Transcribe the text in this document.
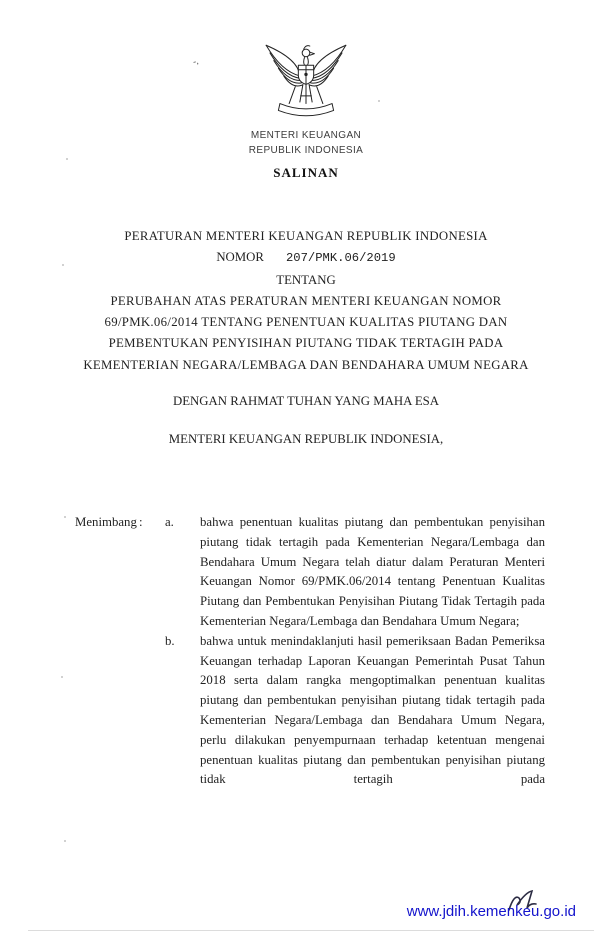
-,
MENTERI KEUANGAN
REPUBLIK INDONESIA
SALINAN
PERATURAN MENTERI KEUANGAN REPUBLIK INDONESIA
NOMOR 207/PMK.06/2019
TENTANG
PERUBAHAN ATAS PERATURAN MENTERI KEUANGAN NOMOR 69/PMK.06/2014 TENTANG PENENTUAN KUALITAS PIUTANG DAN PEMBENTUKAN PENYISIHAN PIUTANG TIDAK TERTAGIH PADA KEMENTERIAN NEGARA/LEMBAGA DAN BENDAHARA UMUM NEGARA
DENGAN RAHMAT TUHAN YANG MAHA ESA
MENTERI KEUANGAN REPUBLIK INDONESIA,
Menimbang :	a.	bahwa penentuan kualitas piutang dan pembentukan penyisihan piutang tidak tertagih pada Kementerian Negara/Lembaga dan Bendahara Umum Negara telah diatur dalam Peraturan Menteri Keuangan Nomor 69/PMK.06/2014 tentang Penentuan Kualitas Piutang dan Pembentukan Penyisihan Piutang Tidak Tertagih pada Kementerian Negara/Lembaga dan Bendahara Umum Negara;
b.	bahwa untuk menindaklanjuti hasil pemeriksaan Badan Pemeriksa Keuangan terhadap Laporan Keuangan Pemerintah Pusat Tahun 2018 serta dalam rangka mengoptimalkan penentuan kualitas piutang dan pembentukan penyisihan piutang tidak tertagih pada Kementerian Negara/Lembaga dan Bendahara Umum Negara, perlu dilakukan penyempurnaan terhadap ketentuan mengenai penentuan kualitas piutang dan pembentukan penyisihan piutang tidak tertagih pada
www.jdih.kemenkeu.go.id
